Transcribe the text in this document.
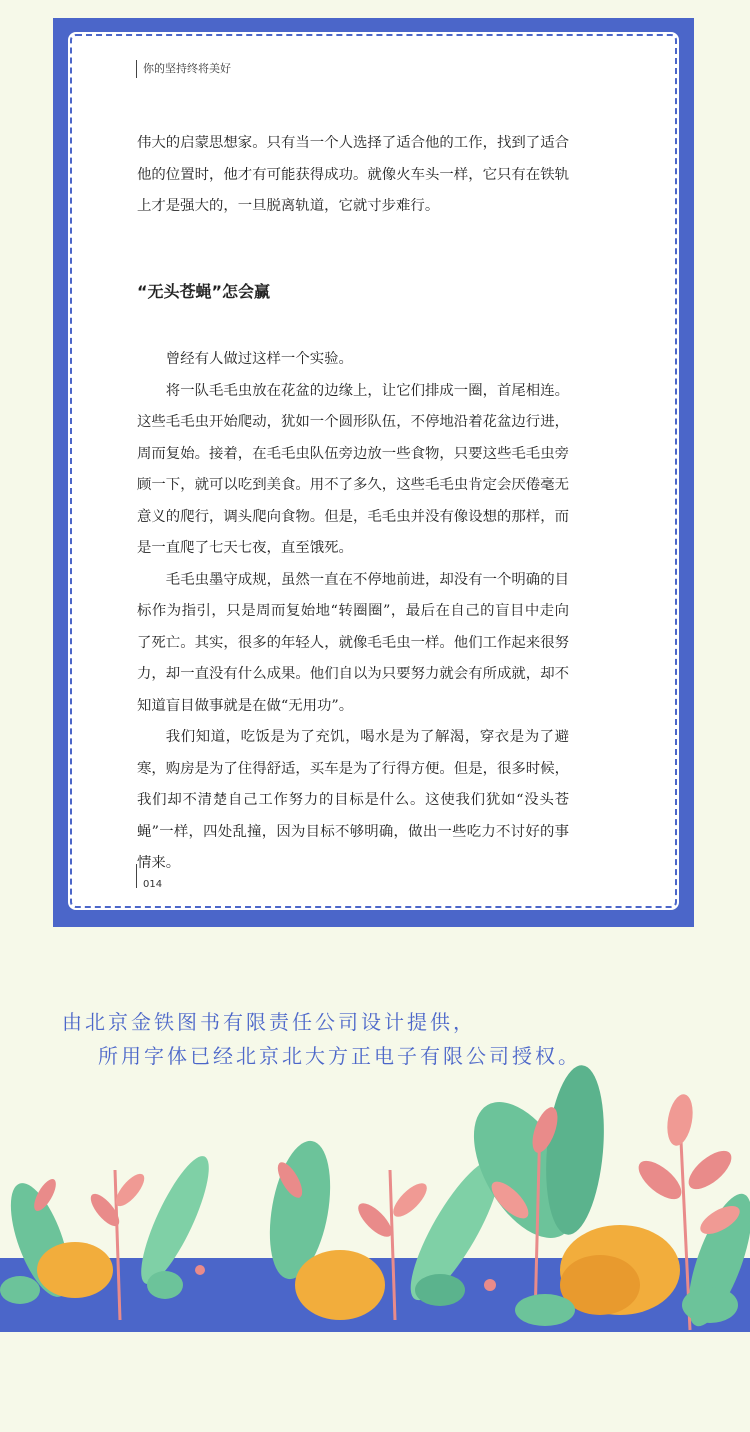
你的坚持终将美好

伟大的启蒙思想家。只有当一个人选择了适合他的工作，找到了适合他的位置时，他才有可能获得成功。就像火车头一样，它只有在铁轨上才是强大的，一旦脱离轨道，它就寸步难行。

“无头苍蝇”怎会赢

曾经有人做过这样一个实验。

将一队毛毛虫放在花盆的边缘上，让它们排成一圈，首尾相连。这些毛毛虫开始爬动，犹如一个圆形队伍，不停地沿着花盆边行进，周而复始。接着，在毛毛虫队伍旁边放一些食物，只要这些毛毛虫旁顾一下，就可以吃到美食。用不了多久，这些毛毛虫肯定会厌倦毫无意义的爬行，调头爬向食物。但是，毛毛虫并没有像设想的那样，而是一直爬了七天七夜，直至饿死。

毛毛虫墨守成规，虽然一直在不停地前进，却没有一个明确的目标作为指引，只是周而复始地“转圈圈”，最后在自己的盲目中走向了死亡。其实，很多的年轻人，就像毛毛虫一样。他们工作起来很努力，却一直没有什么成果。他们自以为只要努力就会有所成就，却不知道盲目做事就是在做“无用功”。

我们知道，吃饭是为了充饥，喝水是为了解渴，穿衣是为了避寒，购房是为了住得舒适，买车是为了行得方便。但是，很多时候，我们却不清楚自己工作努力的目标是什么。这使我们犹如“没头苍蝇”一样，四处乱撞，因为目标不够明确，做出一些吃力不讨好的事情来。

014
由北京金铁图书有限责任公司设计提供，
所用字体已经北京北大方正电子有限公司授权。
